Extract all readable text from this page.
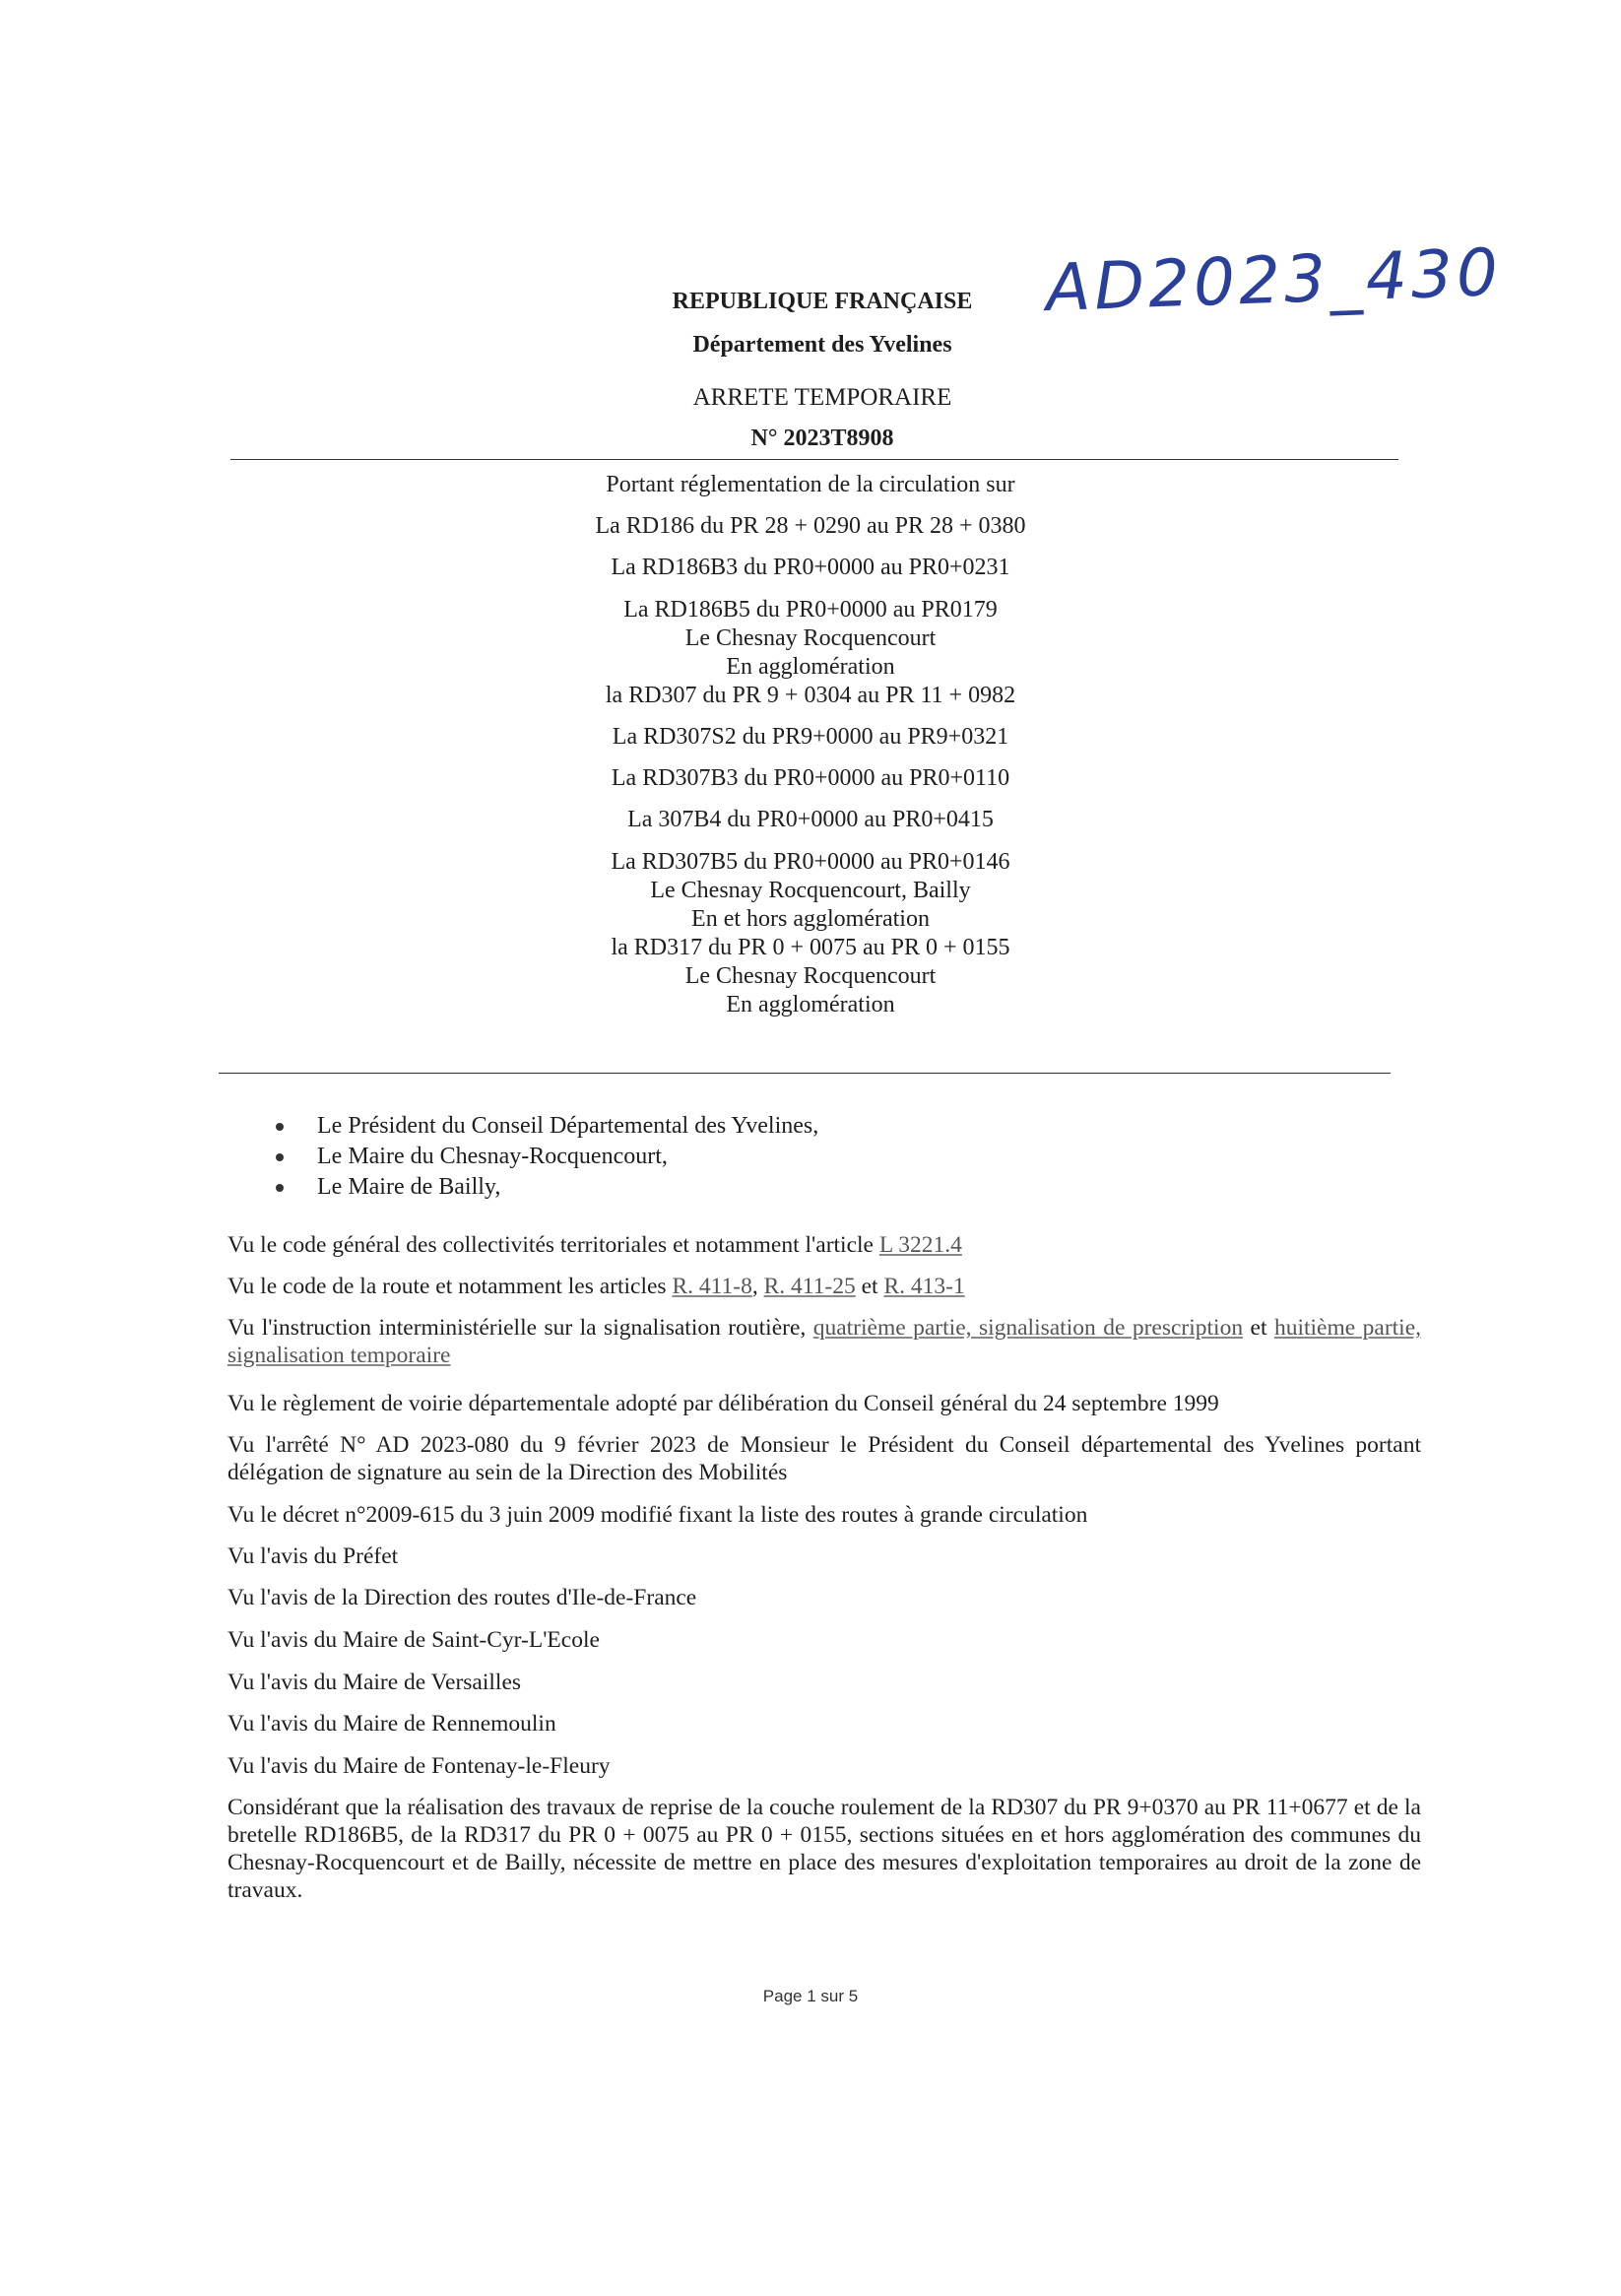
AD2023_430
REPUBLIQUE FRANÇAISE
Département des Yvelines
ARRETE TEMPORAIRE
N° 2023T8908
Portant réglementation de la circulation sur
La RD186 du PR 28 + 0290 au PR 28 + 0380
La RD186B3 du PR0+0000 au PR0+0231
La RD186B5 du PR0+0000 au PR0179
Le Chesnay Rocquencourt
En agglomération
la RD307 du PR 9 + 0304 au PR 11 + 0982
La RD307S2 du PR9+0000 au PR9+0321
La RD307B3 du PR0+0000 au PR0+0110
La 307B4 du PR0+0000 au PR0+0415
La RD307B5 du PR0+0000 au PR0+0146
Le Chesnay Rocquencourt, Bailly
En et hors agglomération
la RD317 du PR 0 + 0075 au PR 0 + 0155
Le Chesnay Rocquencourt
En agglomération
Le Président du Conseil Départemental des Yvelines,
Le Maire du Chesnay-Rocquencourt,
Le Maire de Bailly,

Vu le code général des collectivités territoriales et notamment l'article L 3221.4

Vu le code de la route et notamment les articles R. 411-8, R. 411-25 et R. 413-1

Vu l'instruction interministérielle sur la signalisation routière, quatrième partie, signalisation de prescription et huitième partie, signalisation temporaire

Vu le règlement de voirie départementale adopté par délibération du Conseil général du 24 septembre 1999

Vu l'arrêté N° AD 2023-080 du 9 février 2023 de Monsieur le Président du Conseil départemental des Yvelines portant délégation de signature au sein de la Direction des Mobilités

Vu le décret n°2009-615 du 3 juin 2009 modifié fixant la liste des routes à grande circulation

Vu l'avis du Préfet

Vu l'avis de la Direction des routes d'Ile-de-France

Vu l'avis du Maire de Saint-Cyr-L'Ecole

Vu l'avis du Maire de Versailles

Vu l'avis du Maire de Rennemoulin

Vu l'avis du Maire de Fontenay-le-Fleury

Considérant que la réalisation des travaux de reprise de la couche roulement de la RD307 du PR 9+0370 au PR 11+0677 et de la bretelle RD186B5, de la RD317 du PR 0 + 0075 au PR 0 + 0155, sections situées en et hors agglomération des communes du Chesnay-Rocquencourt et de Bailly, nécessite de mettre en place des mesures d'exploitation temporaires au droit de la zone de travaux.

Page 1 sur 5
